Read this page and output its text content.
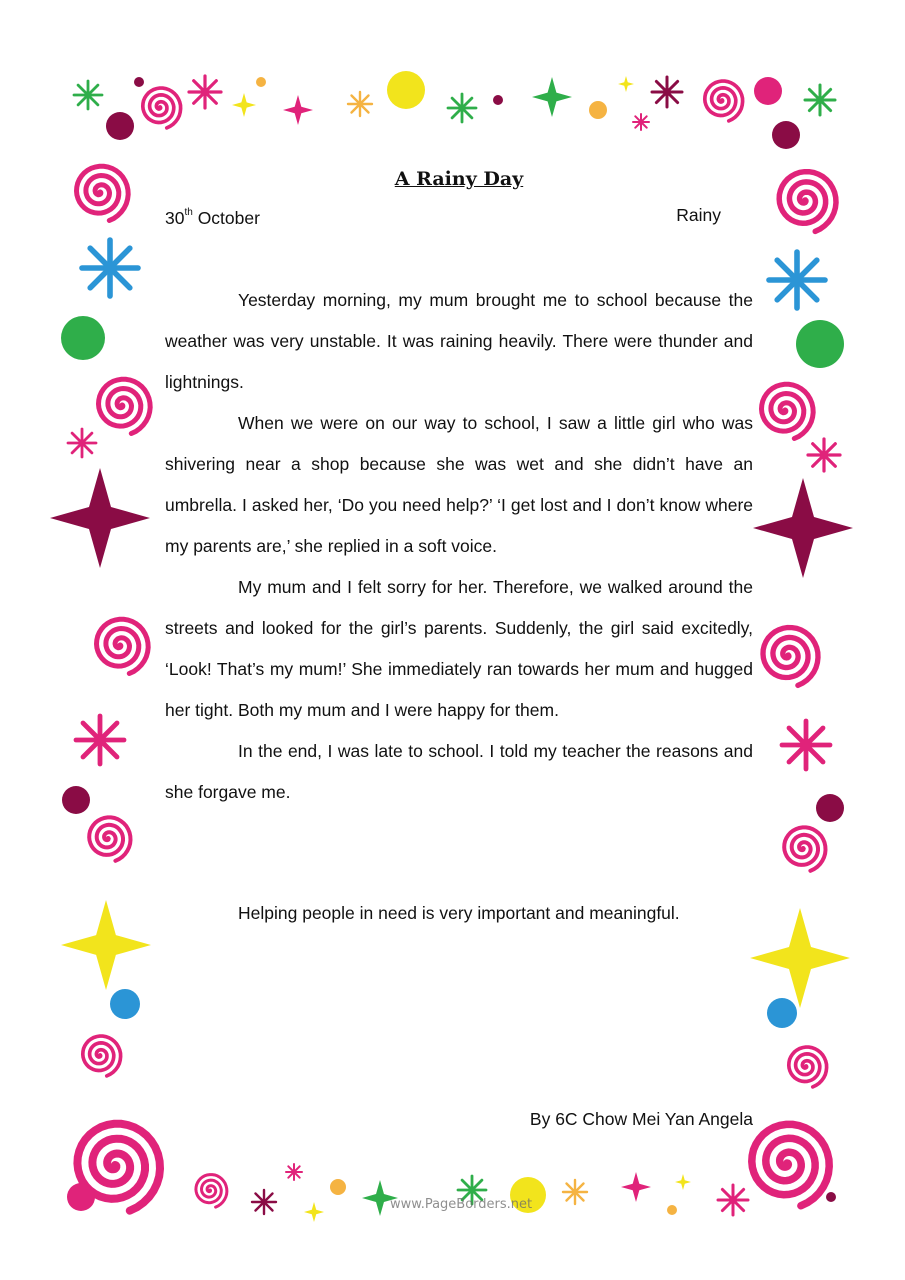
A Rainy Day
30th October	Rainy

Yesterday morning, my mum brought me to school because the weather was very unstable. It was raining heavily. There were thunder and lightnings.

When we were on our way to school, I saw a little girl who was shivering near a shop because she was wet and she didn’t have an umbrella. I asked her, ‘Do you need help?’ ‘I get lost and I don’t know where my parents are,’ she replied in a soft voice.

My mum and I felt sorry for her. Therefore, we walked around the streets and looked for the girl’s parents. Suddenly, the girl said excitedly, ‘Look! That’s my mum!’ She immediately ran towards her mum and hugged her tight. Both my mum and I were happy for them.

In the end, I was late to school. I told my teacher the reasons and she forgave me.

Helping people in need is very important and meaningful.
By 6C Chow Mei Yan Angela
www.PageBorders.net
